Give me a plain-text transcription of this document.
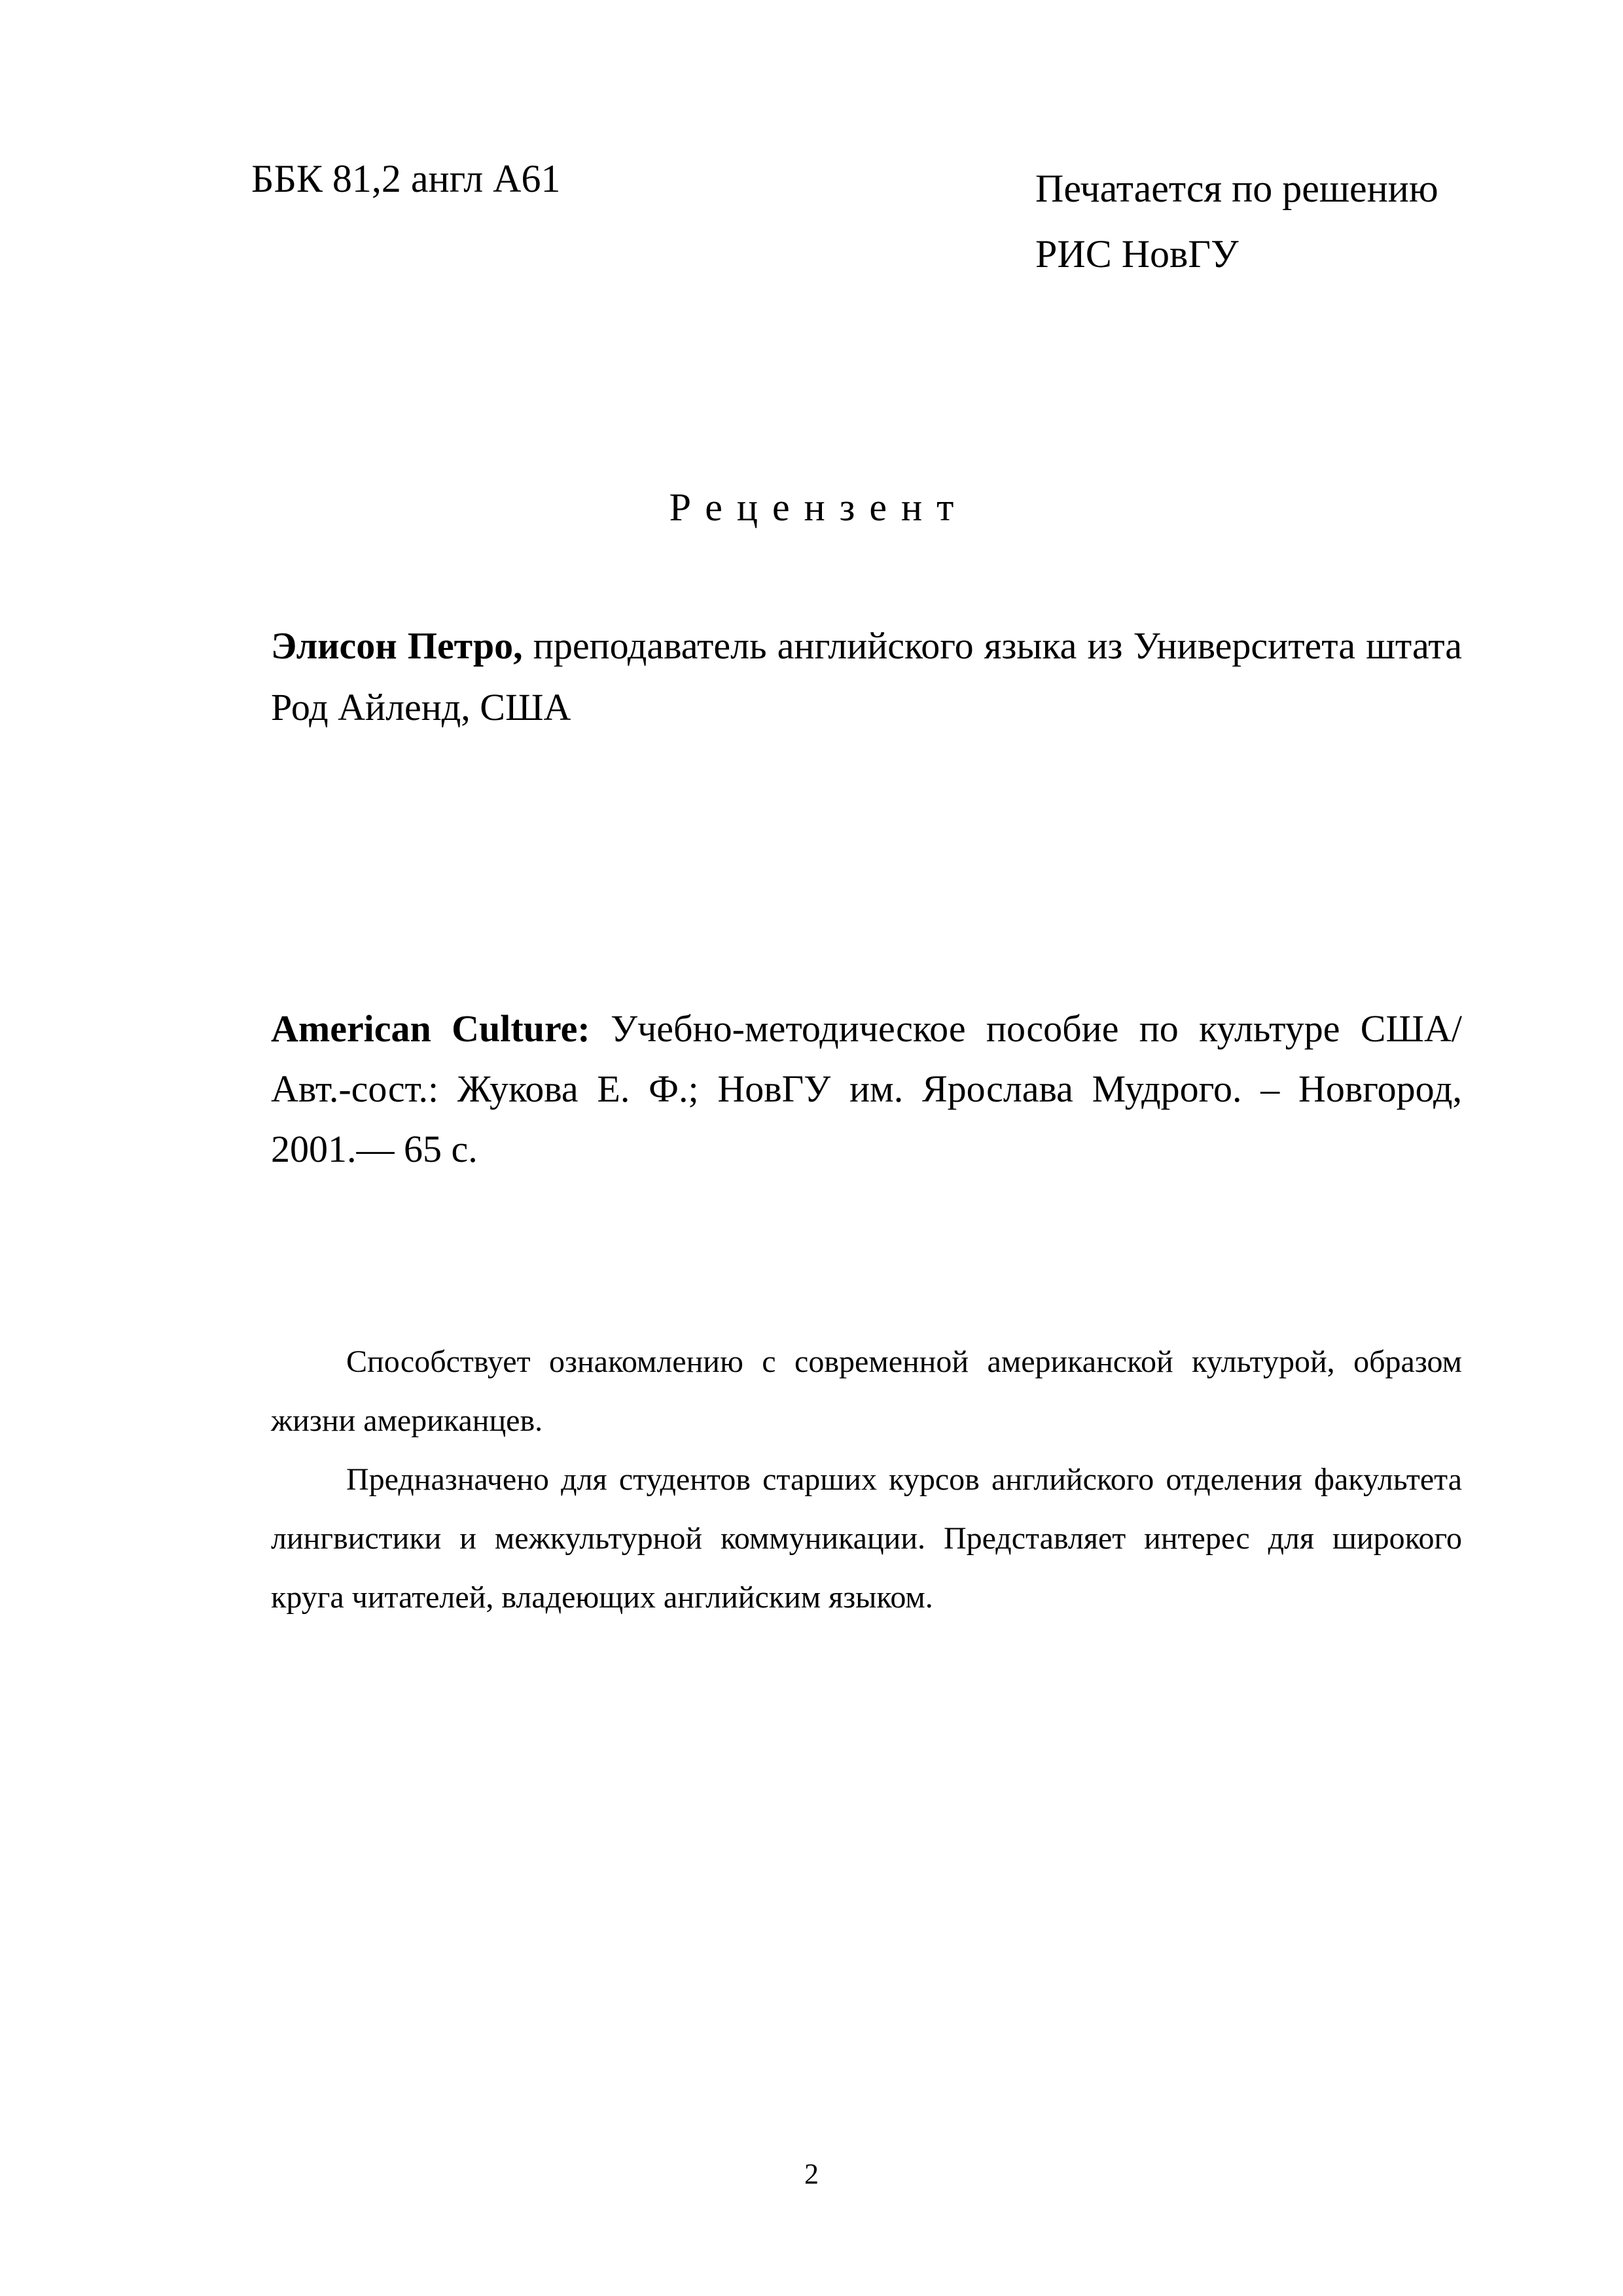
ББК 81,2 англ А61	Печатается по решению
РИС НовГУ
Рецензент

Элисон Петро, преподаватель английского языка из Университета штата Род Айленд, США

American Culture: Учебно-методическое пособие по культуре США/ Авт.-сост.: Жукова Е. Ф.; НовГУ им. Ярослава Мудрого. – Новгород, 2001.— 65 с.

Способствует ознакомлению с современной американской культурой, образом жизни американцев.

Предназначено для студентов старших курсов английского отделения факультета лингвистики и межкультурной коммуникации. Представляет интерес для широкого круга читателей, владеющих английским языком.

2
